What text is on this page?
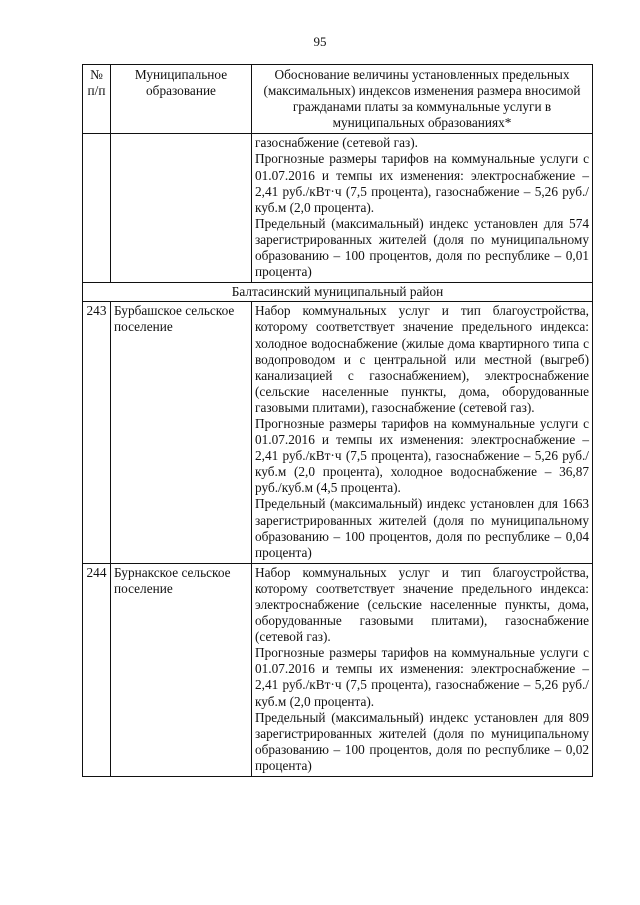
95
№ п/п	Муниципальное образование	Обоснование величины установленных предельных (максимальных) индексов изменения размера вносимой гражданами платы за коммунальные услуги в муниципальных образованиях*

		газоснабжение (сетевой газ).

Прогнозные размеры тарифов на коммунальные услуги с 01.07.2016 и темпы их изменения: электроснабжение – 2,41 руб./кВт·ч (7,5 процента), газоснабжение – 5,26 руб./куб.м (2,0 процента).

Предельный (максимальный) индекс установлен для 574 зарегистрированных жителей (доля по муниципальному образованию – 100 процентов, доля по республике – 0,01 процента)

Балтасинский муниципальный район		
243	Бурбашское сельское поселение	Набор коммунальных услуг и тип благоустройства, которому соответствует значение предельного индекса: холодное водоснабжение (жилые дома квартирного типа с водопроводом и с центральной или местной (выгреб) канализацией с газоснабжением), электроснабжение (сельские населенные пункты, дома, оборудованные газовыми плитами), газоснабжение (сетевой газ).

Прогнозные размеры тарифов на коммунальные услуги с 01.07.2016 и темпы их изменения: электроснабжение – 2,41 руб./кВт·ч (7,5 процента), газоснабжение – 5,26 руб./куб.м (2,0 процента), холодное водоснабжение – 36,87 руб./куб.м (4,5 процента).

Предельный (максимальный) индекс установлен для 1663 зарегистрированных жителей (доля по муниципальному образованию – 100 процентов, доля по республике – 0,04 процента)

244	Бурнакское сельское поселение	Набор коммунальных услуг и тип благоустройства, которому соответствует значение предельного индекса: электроснабжение (сельские населенные пункты, дома, оборудованные газовыми плитами), газоснабжение (сетевой газ).

Прогнозные размеры тарифов на коммунальные услуги с 01.07.2016 и темпы их изменения: электроснабжение – 2,41 руб./кВт·ч (7,5 процента), газоснабжение – 5,26 руб./куб.м (2,0 процента).

Предельный (максимальный) индекс установлен для 809 зарегистрированных жителей (доля по муниципальному образованию – 100 процентов, доля по республике – 0,02 процента)
